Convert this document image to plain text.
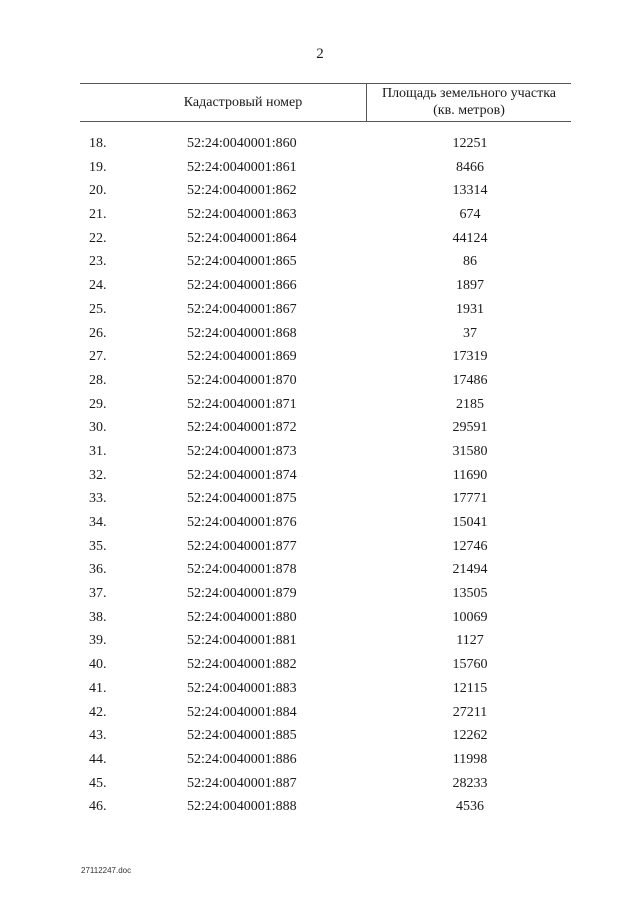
2
Кадастровый номер
Площадь земельного участка
(кв. метров)
18.	52:24:0040001:860	12251
19.	52:24:0040001:861	8466
20.	52:24:0040001:862	13314
21.	52:24:0040001:863	674
22.	52:24:0040001:864	44124
23.	52:24:0040001:865	86
24.	52:24:0040001:866	1897
25.	52:24:0040001:867	1931
26.	52:24:0040001:868	37
27.	52:24:0040001:869	17319
28.	52:24:0040001:870	17486
29.	52:24:0040001:871	2185
30.	52:24:0040001:872	29591
31.	52:24:0040001:873	31580
32.	52:24:0040001:874	11690
33.	52:24:0040001:875	17771
34.	52:24:0040001:876	15041
35.	52:24:0040001:877	12746
36.	52:24:0040001:878	21494
37.	52:24:0040001:879	13505
38.	52:24:0040001:880	10069
39.	52:24:0040001:881	1127
40.	52:24:0040001:882	15760
41.	52:24:0040001:883	12115
42.	52:24:0040001:884	27211
43.	52:24:0040001:885	12262
44.	52:24:0040001:886	11998
45.	52:24:0040001:887	28233
46.	52:24:0040001:888	4536
27112247.doc
